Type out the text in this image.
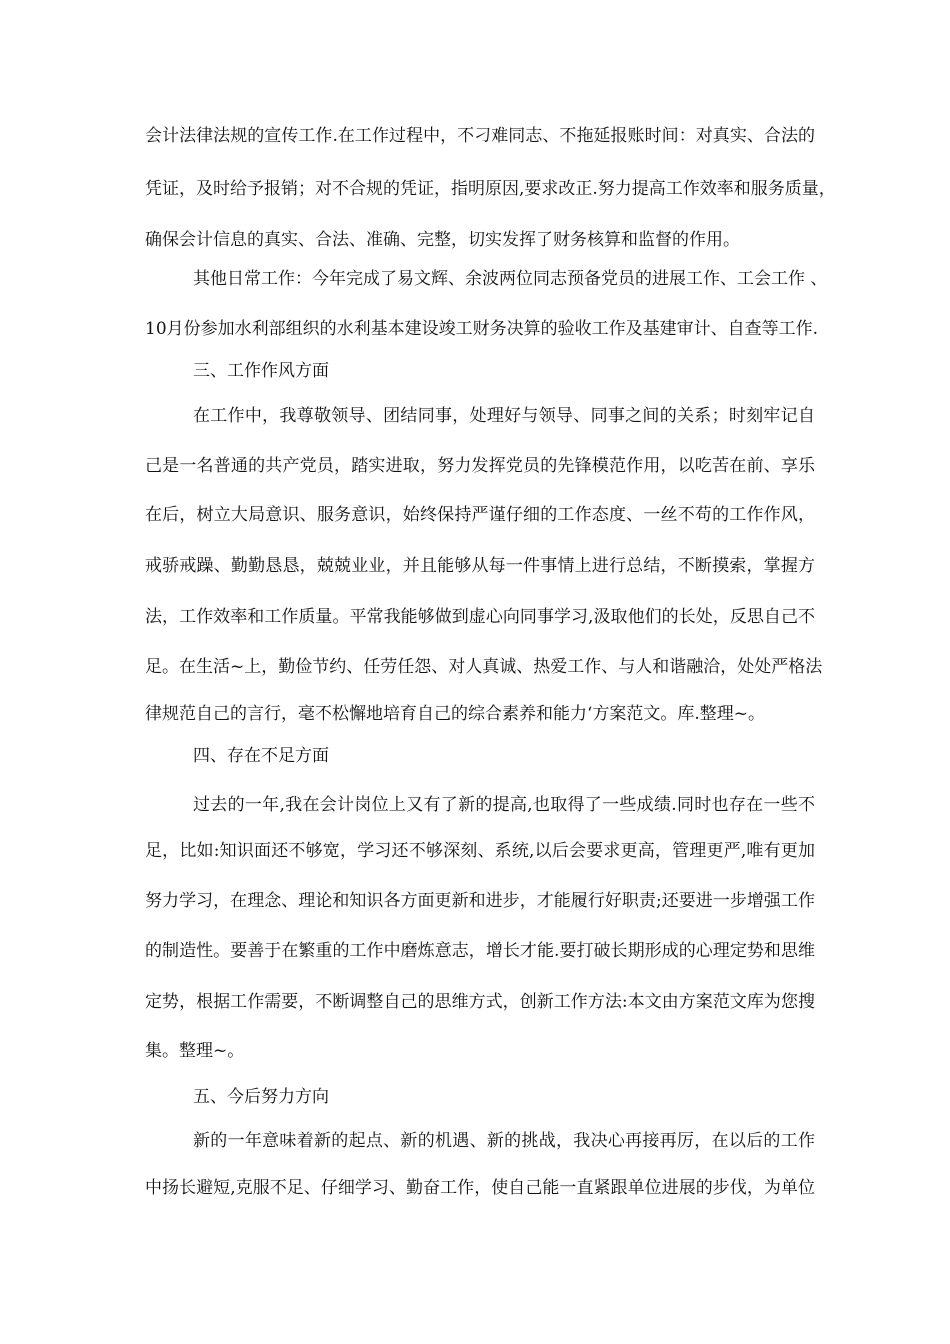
会计法律法规的宣传工作.在工作过程中，不刁难同志、不拖延报账时间：对真实、合法的
凭证，及时给予报销；对不合规的凭证，指明原因,要求改正.努力提高工作效率和服务质量，
确保会计信息的真实、合法、准确、完整，切实发挥了财务核算和监督的作用。
其他日常工作：今年完成了易文辉、余波两位同志预备党员的进展工作、工会工作 、
10月份参加水利部组织的水利基本建设竣工财务决算的验收工作及基建审计、自查等工作.
三、工作作风方面
在工作中，我尊敬领导、团结同事，处理好与领导、同事之间的关系；时刻牢记自
己是一名普通的共产党员，踏实进取，努力发挥党员的先锋模范作用，以吃苦在前、享乐
在后，树立大局意识、服务意识，始终保持严谨仔细的工作态度、一丝不苟的工作作风，
戒骄戒躁、勤勤恳恳，兢兢业业，并且能够从每一件事情上进行总结，不断摸索，掌握方
法，工作效率和工作质量。平常我能够做到虚心向同事学习,汲取他们的长处，反思自己不
足。在生活~上，勤俭节约、任劳任怨、对人真诚、热爱工作、与人和谐融洽，处处严格法
律规范自己的言行，毫不松懈地培育自己的综合素养和能力‘方案范文。库.整理~。
四、存在不足方面
过去的一年,我在会计岗位上又有了新的提高,也取得了一些成绩.同时也存在一些不
足，比如:知识面还不够宽，学习还不够深刻、系统,以后会要求更高，管理更严,唯有更加
努力学习，在理念、理论和知识各方面更新和进步，才能履行好职责;还要进一步增强工作
的制造性。要善于在繁重的工作中磨炼意志，增长才能.要打破长期形成的心理定势和思维
定势，根据工作需要，不断调整自己的思维方式，创新工作方法:本文由方案范文库为您搜
集。整理~。
五、今后努力方向
新的一年意味着新的起点、新的机遇、新的挑战，我决心再接再厉，在以后的工作
中扬长避短,克服不足、仔细学习、勤奋工作，使自己能一直紧跟单位进展的步伐，为单位
